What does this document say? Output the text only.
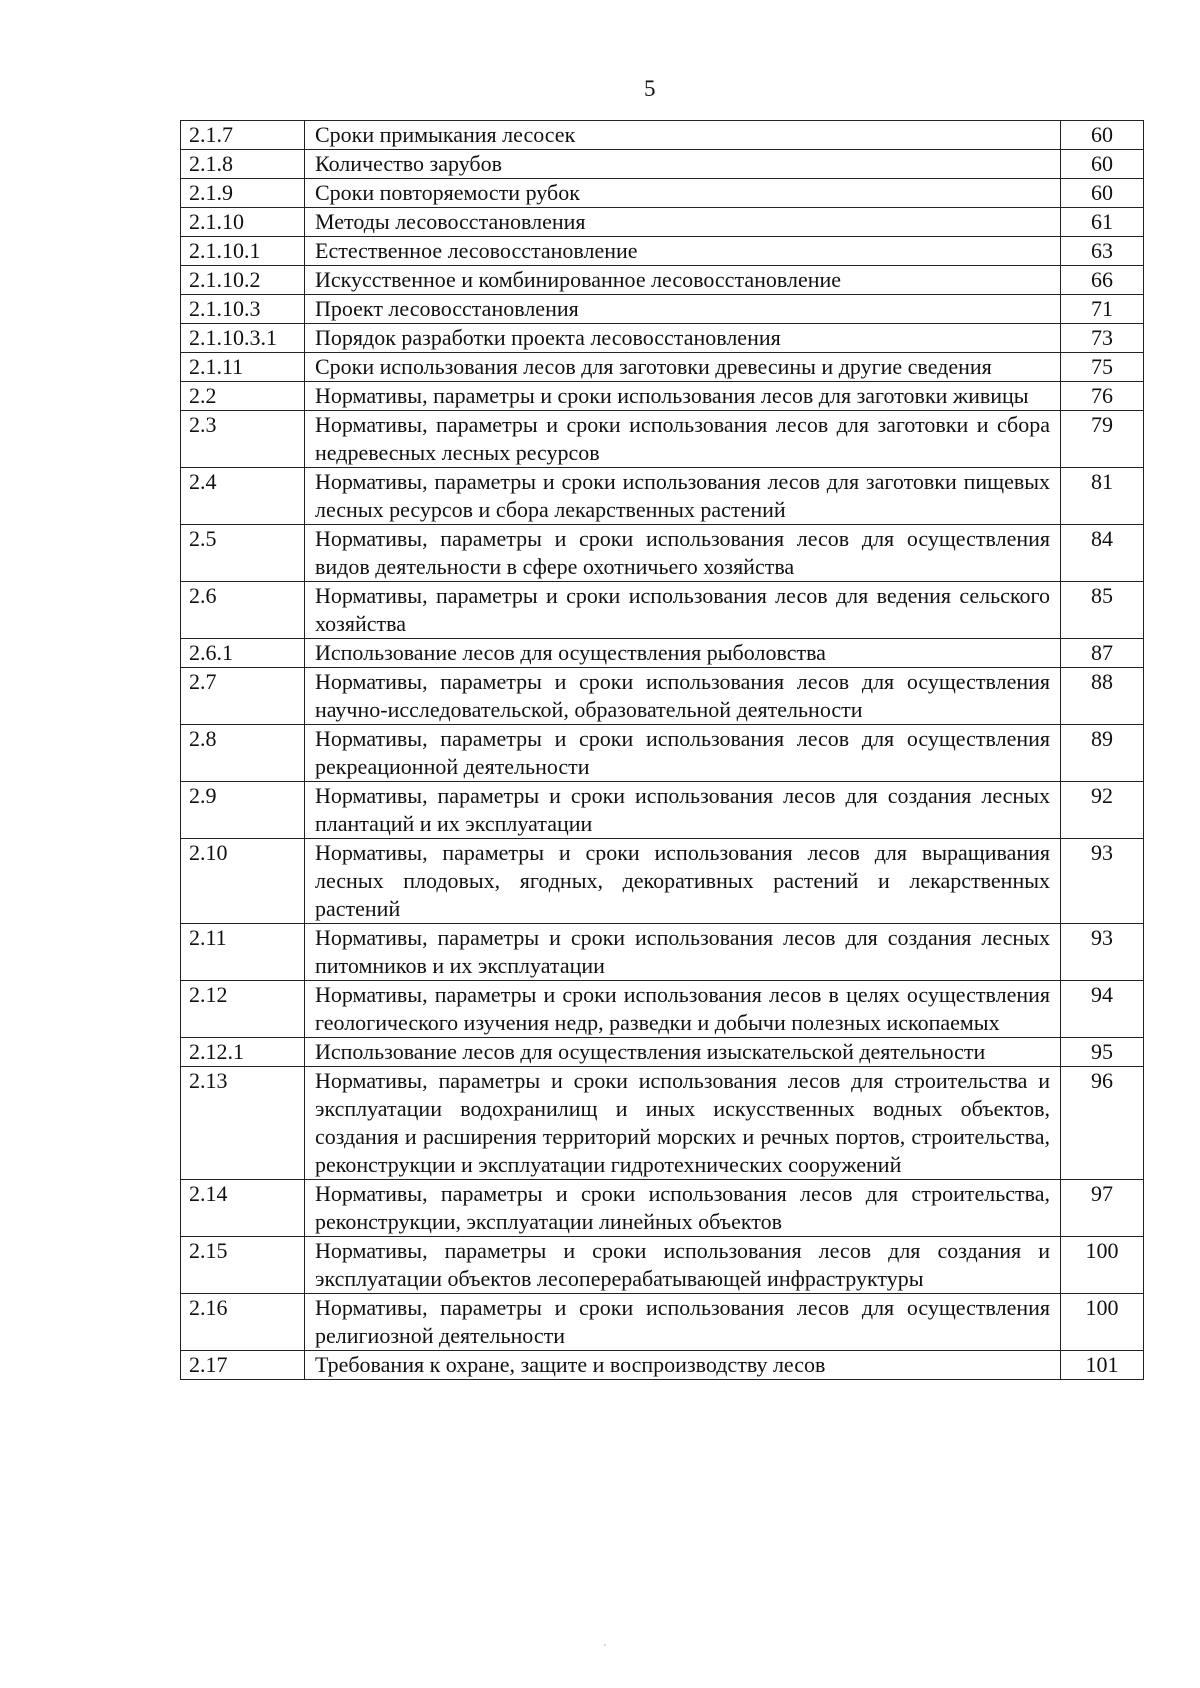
5
2.1.7	Сроки примыкания лесосек	60
2.1.8	Количество зарубов	60
2.1.9	Сроки повторяемости рубок	60
2.1.10	Методы лесовосстановления	61
2.1.10.1	Естественное лесовосстановление	63
2.1.10.2	Искусственное и комбинированное лесовосстановление	66
2.1.10.3	Проект лесовосстановления	71
2.1.10.3.1	Порядок разработки проекта лесовосстановления	73
2.1.11	Сроки использования лесов для заготовки древесины и другие сведения	75
2.2	Нормативы, параметры и сроки использования лесов для заготовки живицы	76
2.3	Нормативы, параметры и сроки использования лесов для заготовки и сбора недревесных лесных ресурсов	79
2.4	Нормативы, параметры и сроки использования лесов для заготовки пищевых лесных ресурсов и сбора лекарственных растений	81
2.5	Нормативы, параметры и сроки использования лесов для осуществления видов деятельности в сфере охотничьего хозяйства	84
2.6	Нормативы, параметры и сроки использования лесов для ведения сельского хозяйства	85
2.6.1	Использование лесов для осуществления рыболовства	87
2.7	Нормативы, параметры и сроки использования лесов для осуществления научно-исследовательской, образовательной деятельности	88
2.8	Нормативы, параметры и сроки использования лесов для осуществления рекреационной деятельности	89
2.9	Нормативы, параметры и сроки использования лесов для создания лесных плантаций и их эксплуатации	92
2.10	Нормативы, параметры и сроки использования лесов для выращивания лесных плодовых, ягодных, декоративных растений и лекарственных растений	93
2.11	Нормативы, параметры и сроки использования лесов для создания лесных питомников и их эксплуатации	93
2.12	Нормативы, параметры и сроки использования лесов в целях осуществления геологического изучения недр, разведки и добычи полезных ископаемых	94
2.12.1	Использование лесов для осуществления изыскательской деятельности	95
2.13	Нормативы, параметры и сроки использования лесов для строительства и эксплуатации водохранилищ и иных искусственных водных объектов, создания и расширения территорий морских и речных портов, строительства, реконструкции и эксплуатации гидротехнических сооружений	96
2.14	Нормативы, параметры и сроки использования лесов для строительства, реконструкции, эксплуатации линейных объектов	97
2.15	Нормативы, параметры и сроки использования лесов для создания и эксплуатации объектов лесоперерабатывающей инфраструктуры	100
2.16	Нормативы, параметры и сроки использования лесов для осуществления религиозной деятельности	100
2.17	Требования к охране, защите и воспроизводству лесов	101
